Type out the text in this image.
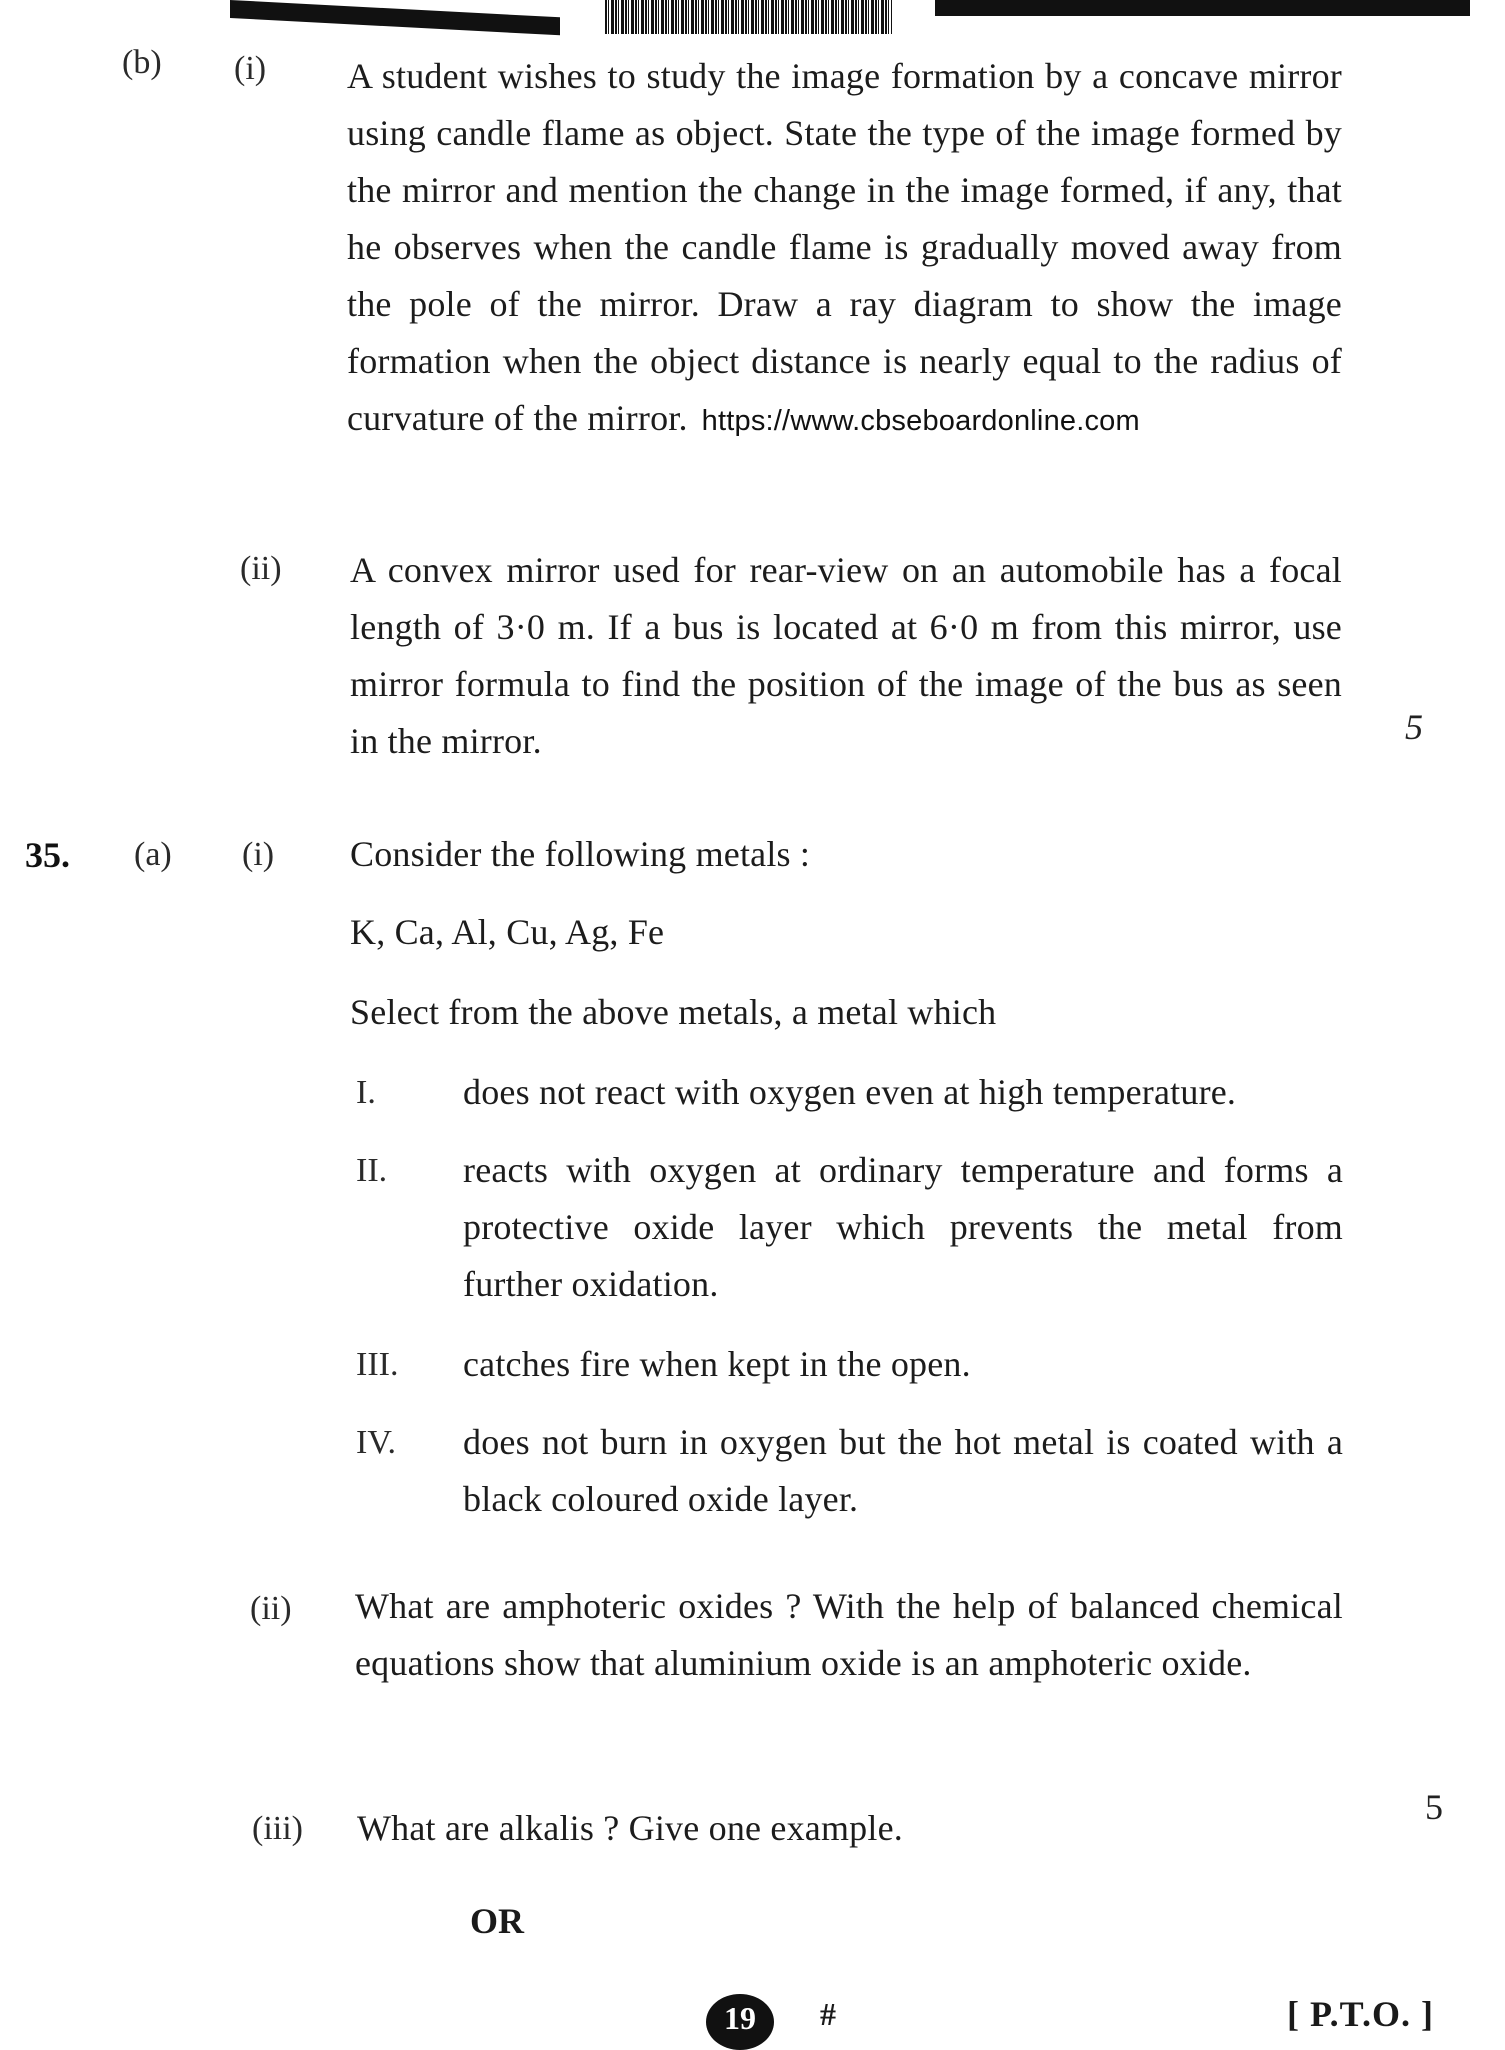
(b) (i) A student wishes to study the image formation by a concave mirror using candle flame as object. State the type of the image formed by the mirror and mention the change in the image formed, if any, that he observes when the candle flame is gradually moved away from the pole of the mirror. Draw a ray diagram to show the image formation when the object distance is nearly equal to the radius of curvature of the mirror. https://www.cbseboardonline.com
(ii) A convex mirror used for rear-view on an automobile has a focal length of 3·0 m. If a bus is located at 6·0 m from this mirror, use mirror formula to find the position of the image of the bus as seen in the mirror.	5
35. (a) (i) Consider the following metals :
K, Ca, Al, Cu, Ag, Fe
Select from the above metals, a metal which
I. does not react with oxygen even at high temperature.
II. reacts with oxygen at ordinary temperature and forms a protective oxide layer which prevents the metal from further oxidation.
III. catches fire when kept in the open.
IV. does not burn in oxygen but the hot metal is coated with a black coloured oxide layer.
(ii) What are amphoteric oxides ? With the help of balanced chemical equations show that aluminium oxide is an amphoteric oxide.
(iii) What are alkalis ? Give one example.
5
OR
19	#	[ P.T.O. ]
